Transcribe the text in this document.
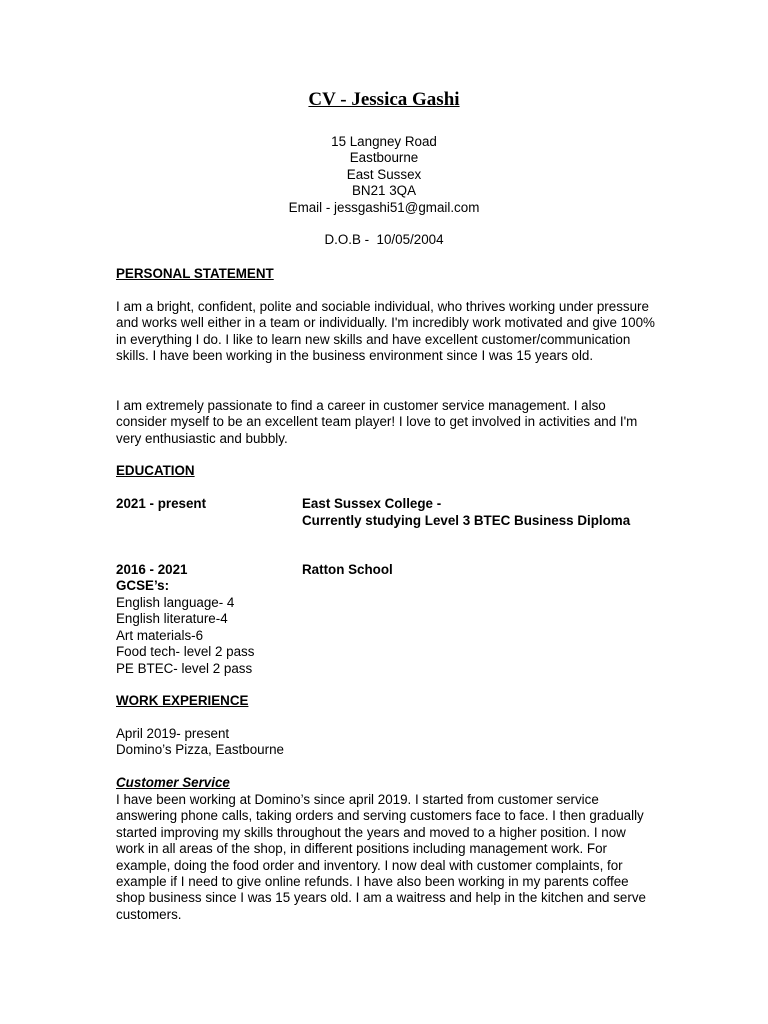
CV - Jessica Gashi
15 Langney Road
Eastbourne
East Sussex
BN21 3QA
Email - jessgashi51@gmail.com
D.O.B -  10/05/2004
PERSONAL STATEMENT

I am a bright, confident, polite and sociable individual, who thrives working under pressure and works well either in a team or individually. I'm incredibly work motivated and give 100% in everything I do. I like to learn new skills and have excellent customer/communication skills. I have been working in the business environment since I was 15 years old.

I am extremely passionate to find a career in customer service management. I also consider myself to be an excellent team player! I love to get involved in activities and I'm very enthusiastic and bubbly.

EDUCATION
2021 - present	East Sussex College -
Currently studying Level 3 BTEC Business Diploma
2016 - 2021	Ratton School
GCSE’s:
English language- 4
English literature-4
Art materials-6
Food tech- level 2 pass
PE BTEC- level 2 pass
WORK EXPERIENCE
April 2019- present
Domino’s Pizza, Eastbourne
Customer Service

I have been working at Domino’s since april 2019. I started from customer service answering phone calls, taking orders and serving customers face to face. I then gradually started improving my skills throughout the years and moved to a higher position. I now work in all areas of the shop, in different positions including management work. For example, doing the food order and inventory. I now deal with customer complaints, for example if I need to give online refunds. I have also been working in my parents coffee shop business since I was 15 years old. I am a waitress and help in the kitchen and serve customers.
